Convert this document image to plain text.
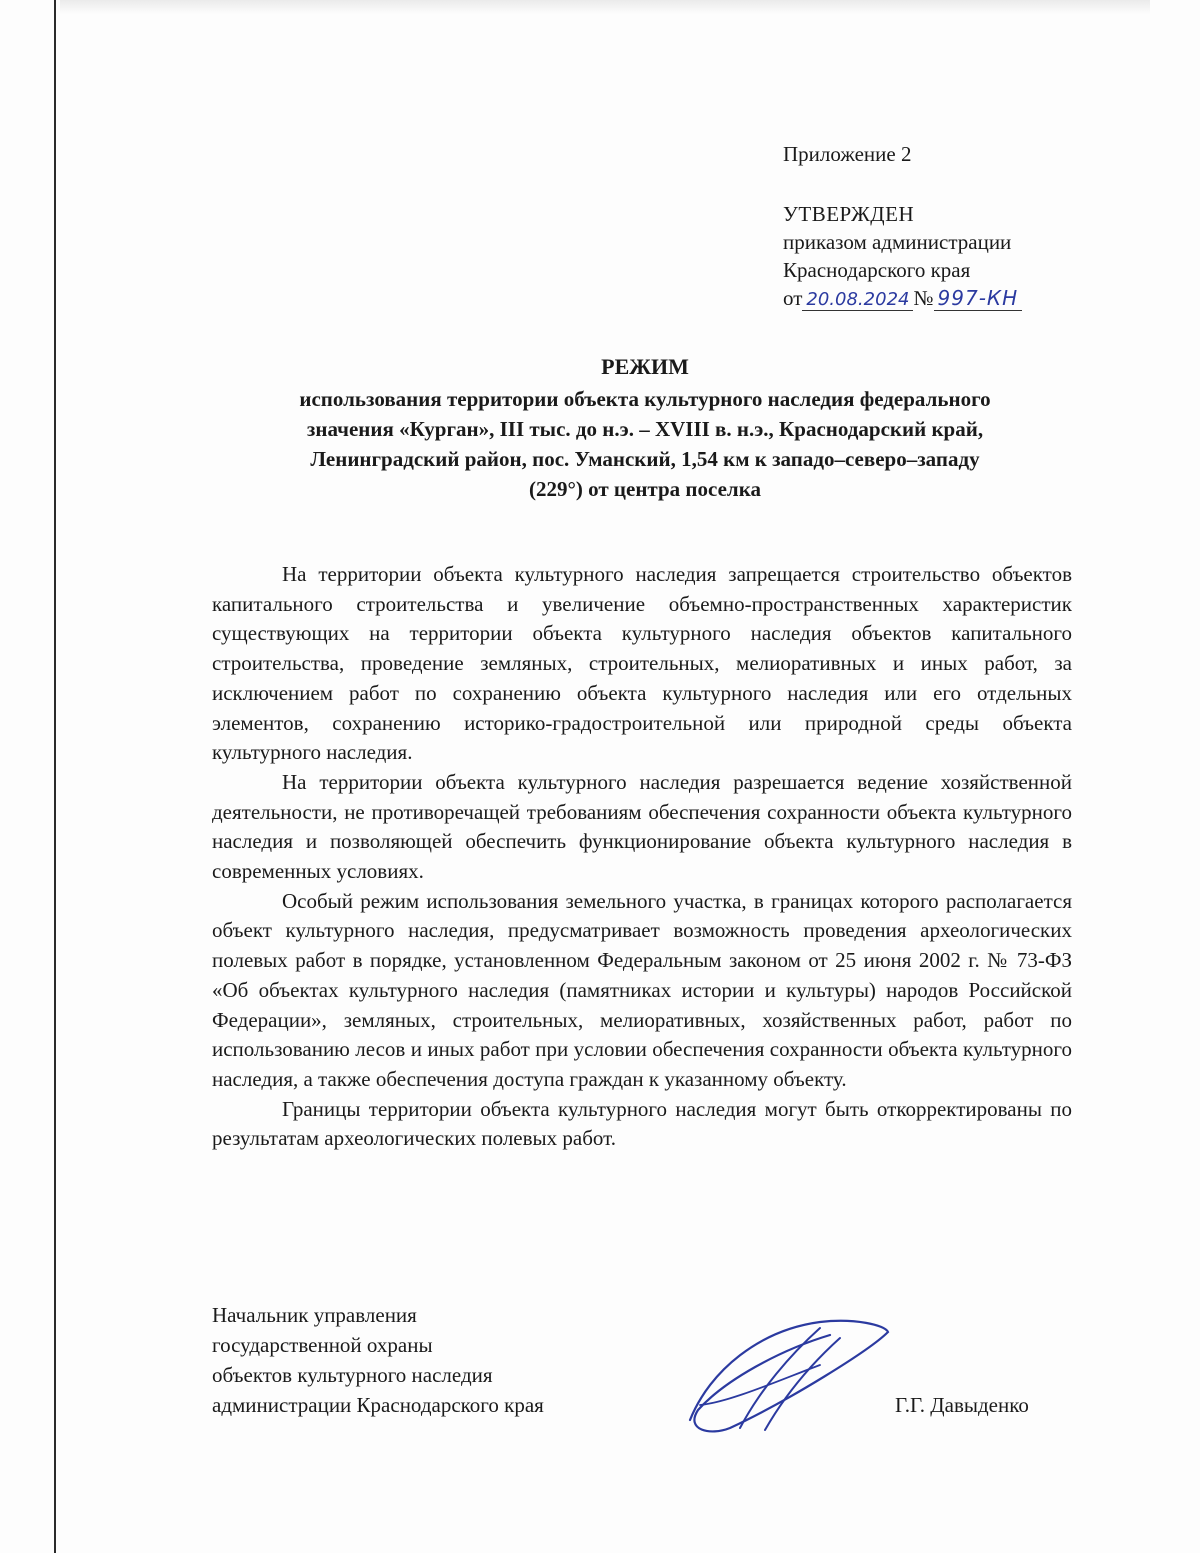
Приложение 2
УТВЕРЖДЕН
приказом администрации
Краснодарского края
от 20.08.2024 № 997-КН
РЕЖИМ
использования территории объекта культурного наследия федерального
значения «Курган», III тыс. до н.э. – XVIII в. н.э., Краснодарский край,
Ленинградский район, пос. Уманский, 1,54 км к западо–северо–западу
(229°) от центра поселка

На территории объекта культурного наследия запрещается строительство объектов капитального строительства и увеличение объемно-пространственных характеристик существующих на территории объекта культурного наследия объектов капитального строительства, проведение земляных, строительных, мелиоративных и иных работ, за исключением работ по сохранению объекта культурного наследия или его отдельных элементов, сохранению историко-градостроительной или природной среды объекта культурного наследия.

На территории объекта культурного наследия разрешается ведение хозяйственной деятельности, не противоречащей требованиям обеспечения сохранности объекта культурного наследия и позволяющей обеспечить функционирование объекта культурного наследия в современных условиях.

Особый режим использования земельного участка, в границах которого располагается объект культурного наследия, предусматривает возможность проведения археологических полевых работ в порядке, установленном Федеральным законом от 25 июня 2002 г. № 73-ФЗ «Об объектах культурного наследия (памятниках истории и культуры) народов Российской Федерации», земляных, строительных, мелиоративных, хозяйственных работ, работ по использованию лесов и иных работ при условии обеспечения сохранности объекта культурного наследия, а также обеспечения доступа граждан к указанному объекту.

Границы территории объекта культурного наследия могут быть откорректированы по результатам археологических полевых работ.

Начальник управления
государственной охраны
объектов культурного наследия
администрации Краснодарского края	Г.Г. Давыденко
